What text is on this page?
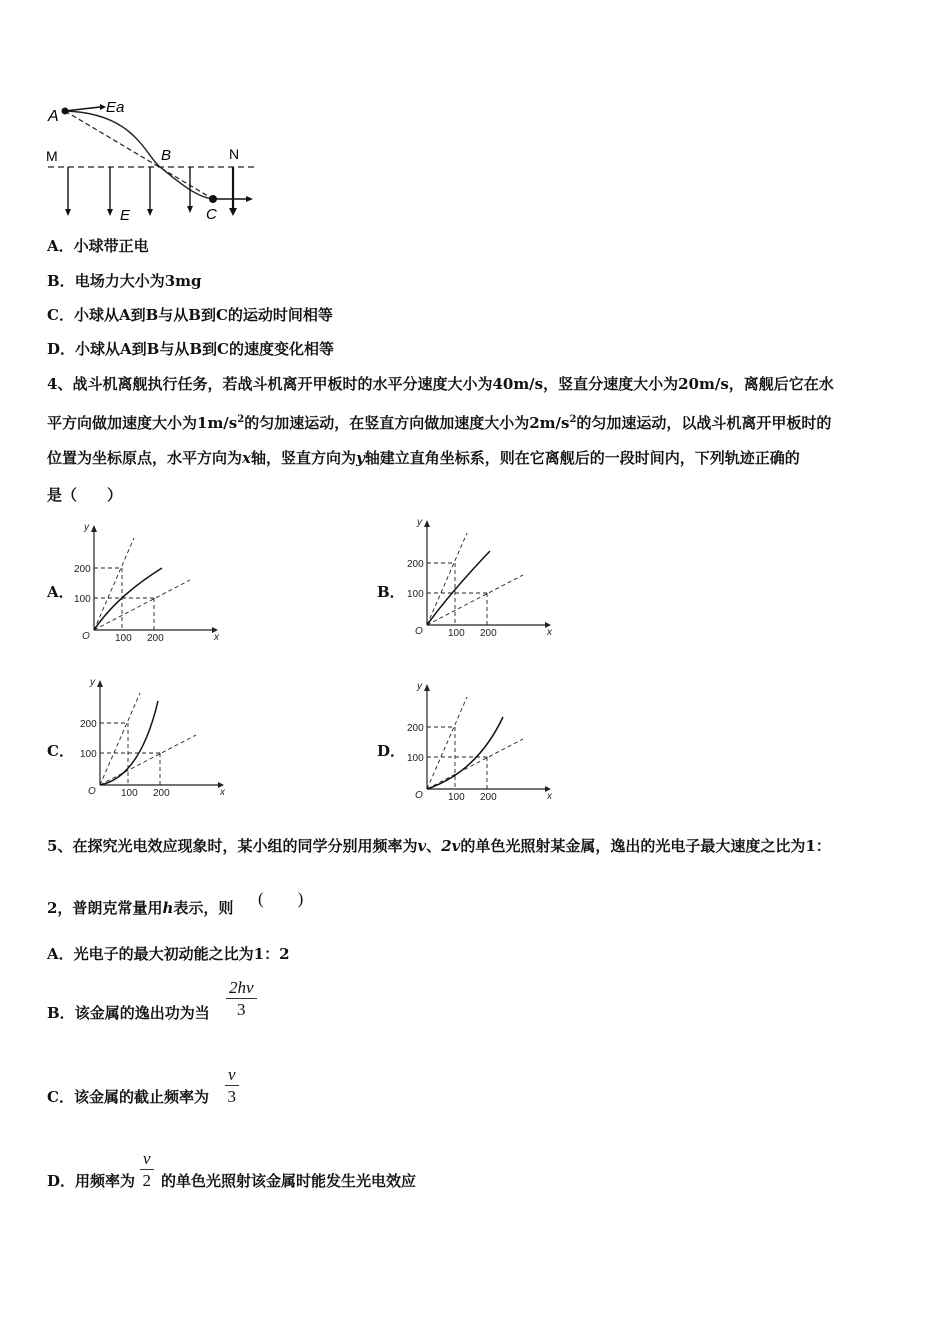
A
Ea
M	B	N
E	C
A．小球带正电
B．电场力大小为3mg
C．小球从A到B与从B到C的运动时间相等
D．小球从A到B与从B到C的速度变化相等
4、战斗机离舰执行任务，若战斗机离开甲板时的水平分速度大小为40m/s，竖直分速度大小为20m/s，离舰后它在水
平方向做加速度大小为$1m/s^2$的匀加速运动，在竖直方向做加速度大小为$2m/s^2$的匀加速运动，以战斗机离开甲板时的
位置为坐标原点，水平方向为x轴，竖直方向为y轴建立直角坐标系，则在它离舰后的一段时间内，下列轨迹正确的
是（　　）
A．	B．
C．	D．
y
x
O
200
100
100 200
y
x
O
200
100
100 200
y
x
O
200
100
100 200
y
x
O
200
100
100 200
5、在探究光电效应现象时，某小组的同学分别用频率为v、2v的单色光照射某金属，逸出的光电子最大速度之比为1：
2，普朗克常量用h表示，则 (　　)
A．光电子的最大初动能之比为1：2
B．该金属的逸出功为当 $\frac{2hv}{3}$
C．该金属的截止频率为 $\frac{v}{3}$
D．用频率为 $\frac{v}{2}$ 的单色光照射该金属时能发生光电效应
